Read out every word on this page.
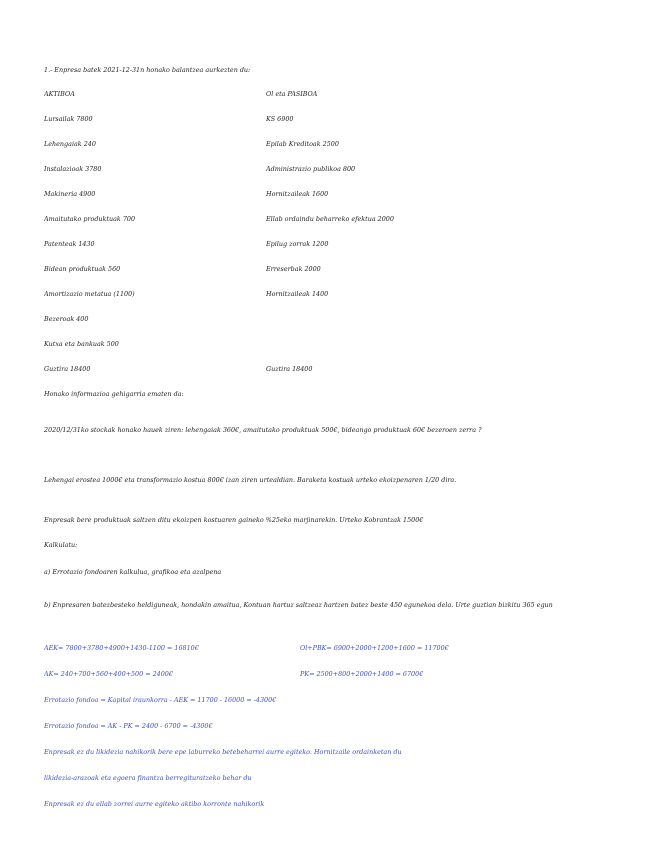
1.- Enpresa batek 2021-12-31n honako balantzea aurkezten du:
AKTIBOA	Ol eta PASIBOA
Lursailak 7800	KS 6900
Lehengaiak 240	Epilab Kreditoak 2500
Instalazioak 3780	Administrazio publikoa 800
Makineria 4900	Hornitzaileak 1600
Amaitutako produktuak 700	Ellab ordaindu beharreko efektua 2000
Patenteak 1430	Epilug zorrak 1200
Bidean produktuak 560	Erreserbak 2000
Amortizazio metatua (1100)	Hornitzaileak 1400
Bezeroak 400
Kutxa eta bankuak 500
Guztira 18400	Guztira 18400
Honako informazioa gehigarria ematen da:
2020/12/31ko stockak honako hauek ziren: lehengaiak 360€, amaitutako produktuak 500€, bideango produktuak 60€ bezeroen zerra ?
Lehengai erostea 1000€ eta transformazio kostua 800€ izan ziren urtealdian. Baraketa kostuak urteko ekoizpenaren 1/20 dira.
Enpresak bere produktuak saltzen ditu ekoizpen kostuaren gaineko %25eko marjinarekin. Urteko Kobrantzak 1500€
Kalkulatu:
a) Errotazio fondoaren kalkulua, grafikoa eta azalpena
b) Enpresaren batezbesteko heldiguneak, hondakin amaitua, Kontuan hartuz saltzeaz hartzen batez beste 450 egunekoa dela. Urte guztian bizkitu 365 egun
AEK= 7800+3780+4900+1430-1100 = 16810€	Ol+PBK= 6900+2000+1200+1600 = 11700€
AK= 240+700+560+400+500 = 2400€	PK= 2500+800+2000+1400 = 6700€
Errotazio fondoa = Kapital iraunkorra - AEK = 11700 - 16000 = -4300€
Errotazio fondoa = AK - PK = 2400 - 6700 = -4300€
Enpresak ez du likidezia nahikorik bere epe laburreko betebeharrei aurre egiteko. Hornitzaile ordainketan du
likidezia-arazoak eta egoera finantza berregituratzeko behar du
Enpresak ez du ellab zorrei aurre egiteko aktibo korronte nahikorik
